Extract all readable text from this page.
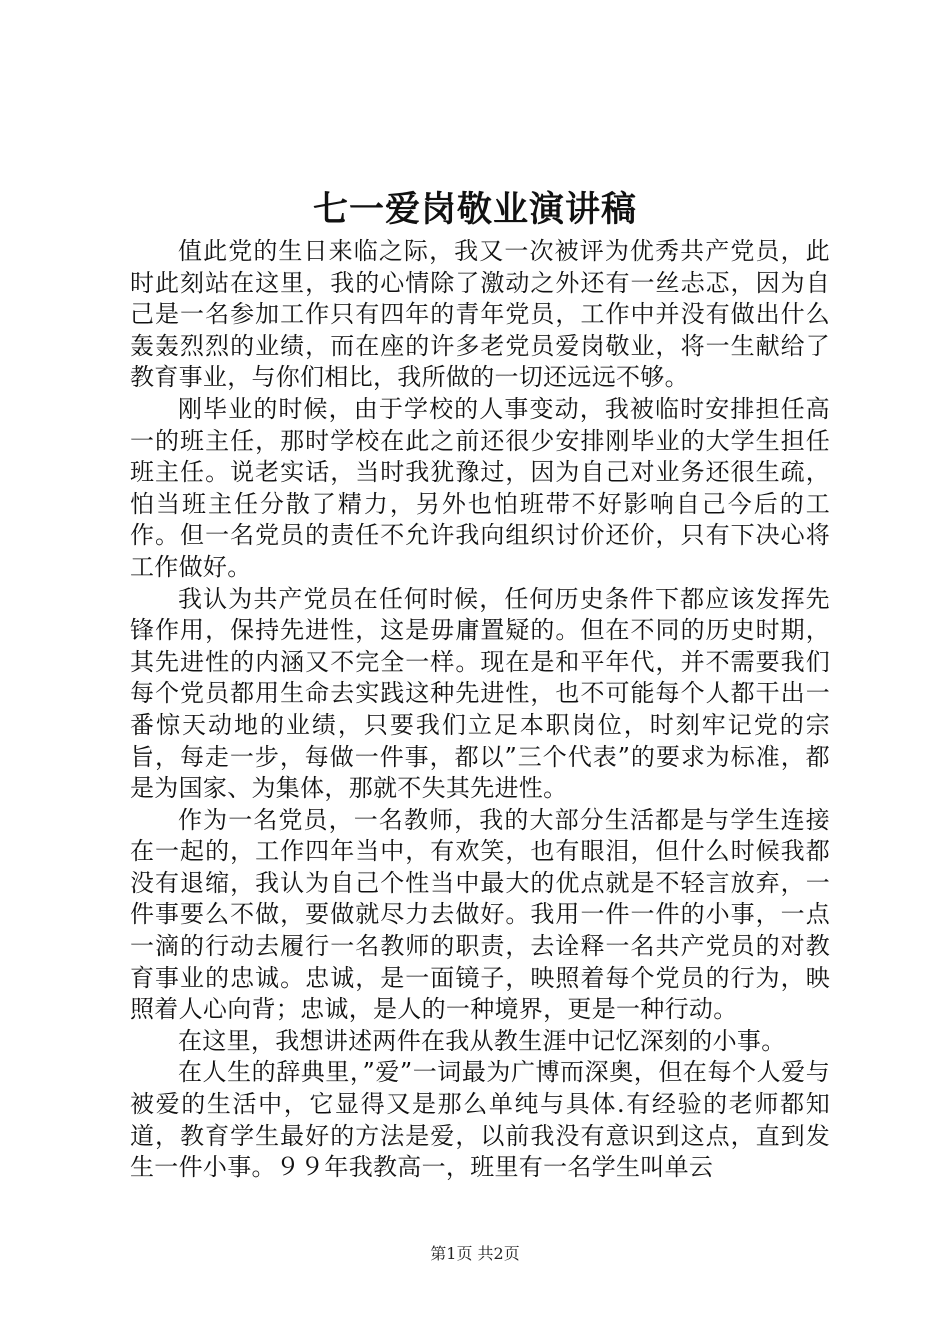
七一爱岗敬业演讲稿

值此党的生日来临之际，我又一次被评为优秀共产党员，此时此刻站在这里，我的心情除了激动之外还有一丝忐忑，因为自己是一名参加工作只有四年的青年党员，工作中并没有做出什么轰轰烈烈的业绩，而在座的许多老党员爱岗敬业，将一生献给了教育事业，与你们相比，我所做的一切还远远不够。

刚毕业的时候，由于学校的人事变动，我被临时安排担任高一的班主任，那时学校在此之前还很少安排刚毕业的大学生担任班主任。说老实话，当时我犹豫过，因为自己对业务还很生疏，怕当班主任分散了精力，另外也怕班带不好影响自己今后的工作。但一名党员的责任不允许我向组织讨价还价，只有下决心将工作做好。

我认为共产党员在任何时候，任何历史条件下都应该发挥先锋作用，保持先进性，这是毋庸置疑的。但在不同的历史时期，其先进性的内涵又不完全一样。现在是和平年代，并不需要我们每个党员都用生命去实践这种先进性，也不可能每个人都干出一番惊天动地的业绩，只要我们立足本职岗位，时刻牢记党的宗旨，每走一步，每做一件事，都以”三个代表”的要求为标准，都是为国家、为集体，那就不失其先进性。

作为一名党员，一名教师，我的大部分生活都是与学生连接在一起的，工作四年当中，有欢笑，也有眼泪，但什么时候我都没有退缩，我认为自己个性当中最大的优点就是不轻言放弃，一件事要么不做，要做就尽力去做好。我用一件一件的小事，一点一滴的行动去履行一名教师的职责，去诠释一名共产党员的对教育事业的忠诚。忠诚，是一面镜子，映照着每个党员的行为，映照着人心向背；忠诚，是人的一种境界，更是一种行动。

在这里，我想讲述两件在我从教生涯中记忆深刻的小事。

在人生的辞典里，”爱”一词最为广博而深奥，但在每个人爱与被爱的生活中，它显得又是那么单纯与具体.有经验的老师都知道，教育学生最好的方法是爱，以前我没有意识到这点，直到发生一件小事。９９年我教高一，班里有一名学生叫单云

第1页 共2页
